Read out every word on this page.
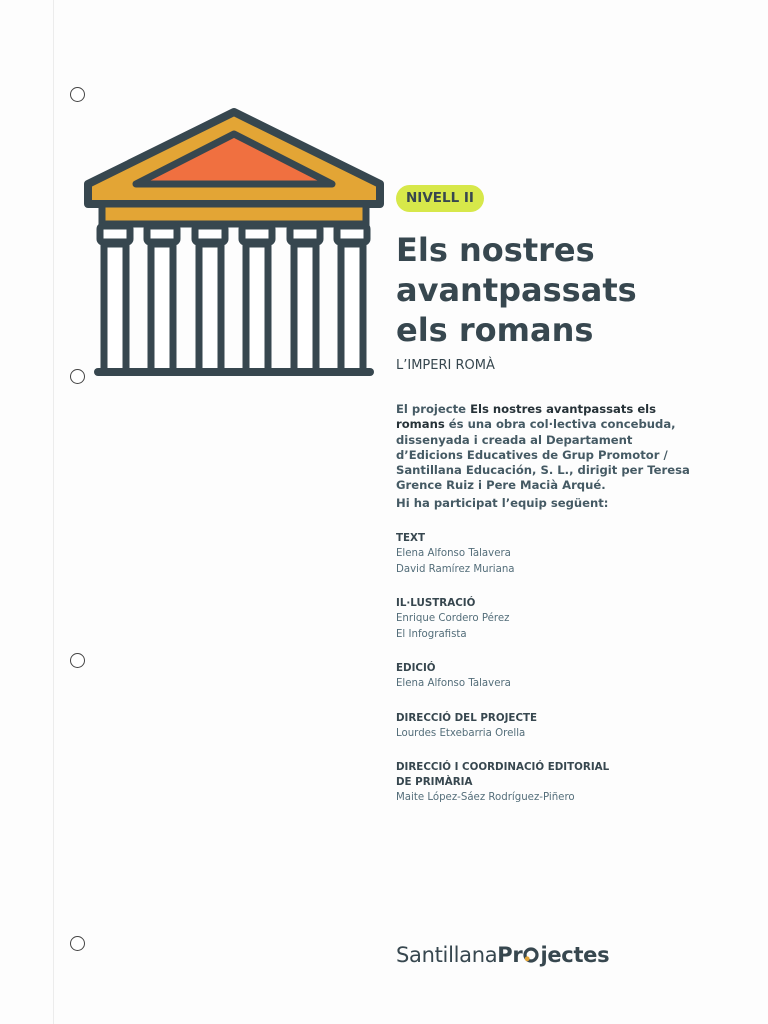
NIVELL II
Els nostres
avantpassats
els romans
L’IMPERI ROMÀ

El projecte Els nostres avantpassats els romans és una obra col·lectiva concebuda, dissenyada i creada al Departament d’Edicions Educatives de Grup Promotor / Santillana Educación, S. L., dirigit per Teresa Grence Ruiz i Pere Macià Arqué.

Hi ha participat l’equip següent:
TEXT
Elena Alfonso Talavera
David Ramírez Muriana
IL·LUSTRACIÓ
Enrique Cordero Pérez
El Infografista
EDICIÓ
Elena Alfonso Talavera
DIRECCIÓ DEL PROJECTE
Lourdes Etxebarria Orella
DIRECCIÓ I COORDINACIÓ EDITORIAL
DE PRIMÀRIA
Maite López-Sáez Rodríguez-Piñero
SantillanaPr jectes
